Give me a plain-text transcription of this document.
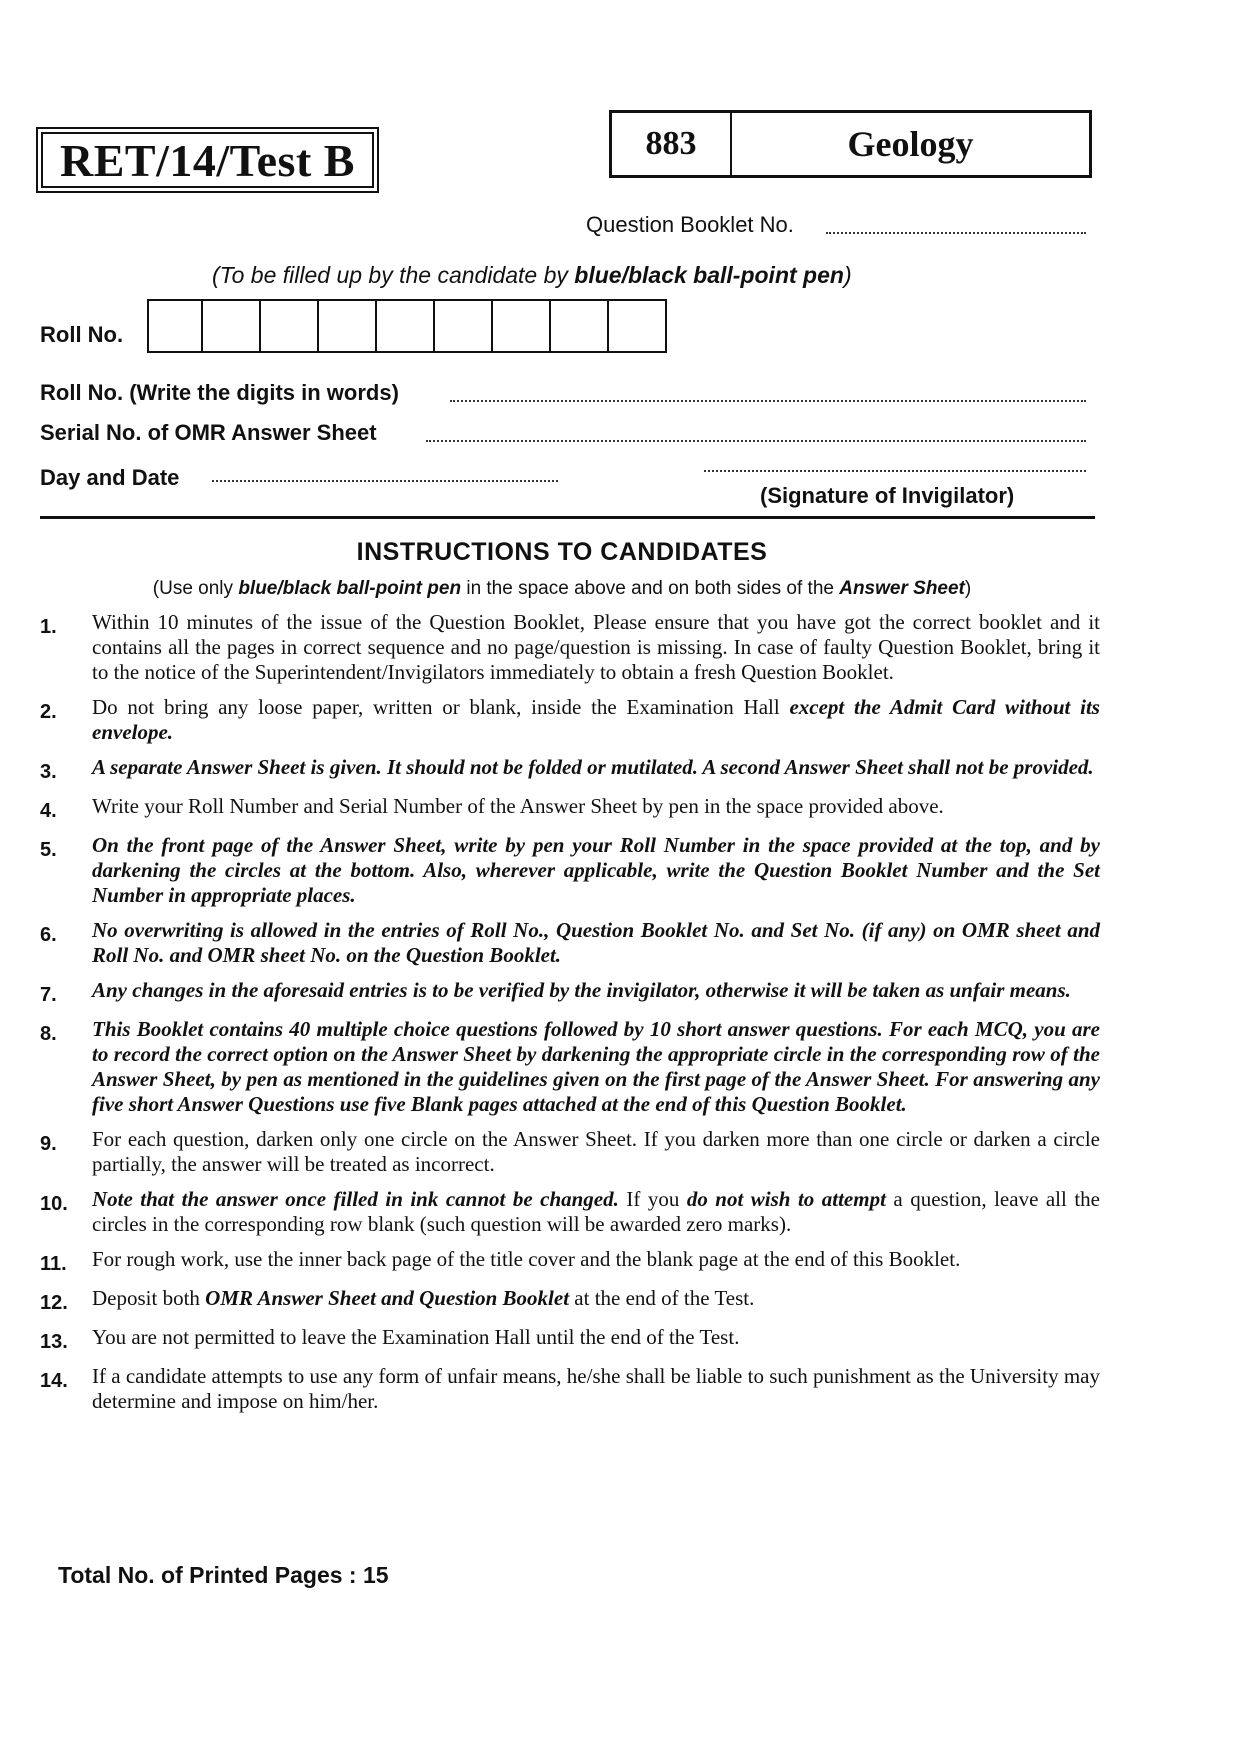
RET/14/Test B	883	Geology
Question Booklet No.
(To be filled up by the candidate by blue/black ball-point pen)
Roll No.
Roll No. (Write the digits in words)
Serial No. of OMR Answer Sheet
Day and Date
(Signature of Invigilator)
INSTRUCTIONS TO CANDIDATES
(Use only blue/black ball-point pen in the space above and on both sides of the Answer Sheet)
1.	Within 10 minutes of the issue of the Question Booklet, Please ensure that you have got the correct booklet and it contains all the pages in correct sequence and no page/question is missing. In case of faulty Question Booklet, bring it to the notice of the Superintendent/Invigilators immediately to obtain a fresh Question Booklet.
2.	Do not bring any loose paper, written or blank, inside the Examination Hall except the Admit Card without its envelope.
3.	A separate Answer Sheet is given. It should not be folded or mutilated. A second Answer Sheet shall not be provided.
4.	Write your Roll Number and Serial Number of the Answer Sheet by pen in the space provided above.
5.	On the front page of the Answer Sheet, write by pen your Roll Number in the space provided at the top, and by darkening the circles at the bottom. Also, wherever applicable, write the Question Booklet Number and the Set Number in appropriate places.
6.	No overwriting is allowed in the entries of Roll No., Question Booklet No. and Set No. (if any) on OMR sheet and Roll No. and OMR sheet No. on the Question Booklet.
7.	Any changes in the aforesaid entries is to be verified by the invigilator, otherwise it will be taken as unfair means.
8.	This Booklet contains 40 multiple choice questions followed by 10 short answer questions. For each MCQ, you are to record the correct option on the Answer Sheet by darkening the appropriate circle in the corresponding row of the Answer Sheet, by pen as mentioned in the guidelines given on the first page of the Answer Sheet. For answering any five short Answer Questions use five Blank pages attached at the end of this Question Booklet.
9.	For each question, darken only one circle on the Answer Sheet. If you darken more than one circle or darken a circle partially, the answer will be treated as incorrect.
10.	Note that the answer once filled in ink cannot be changed. If you do not wish to attempt a question, leave all the circles in the corresponding row blank (such question will be awarded zero marks).
11.	For rough work, use the inner back page of the title cover and the blank page at the end of this Booklet.
12.	Deposit both OMR Answer Sheet and Question Booklet at the end of the Test.
13.	You are not permitted to leave the Examination Hall until the end of the Test.
14.	If a candidate attempts to use any form of unfair means, he/she shall be liable to such punishment as the University may determine and impose on him/her.
Total No. of Printed Pages : 15
